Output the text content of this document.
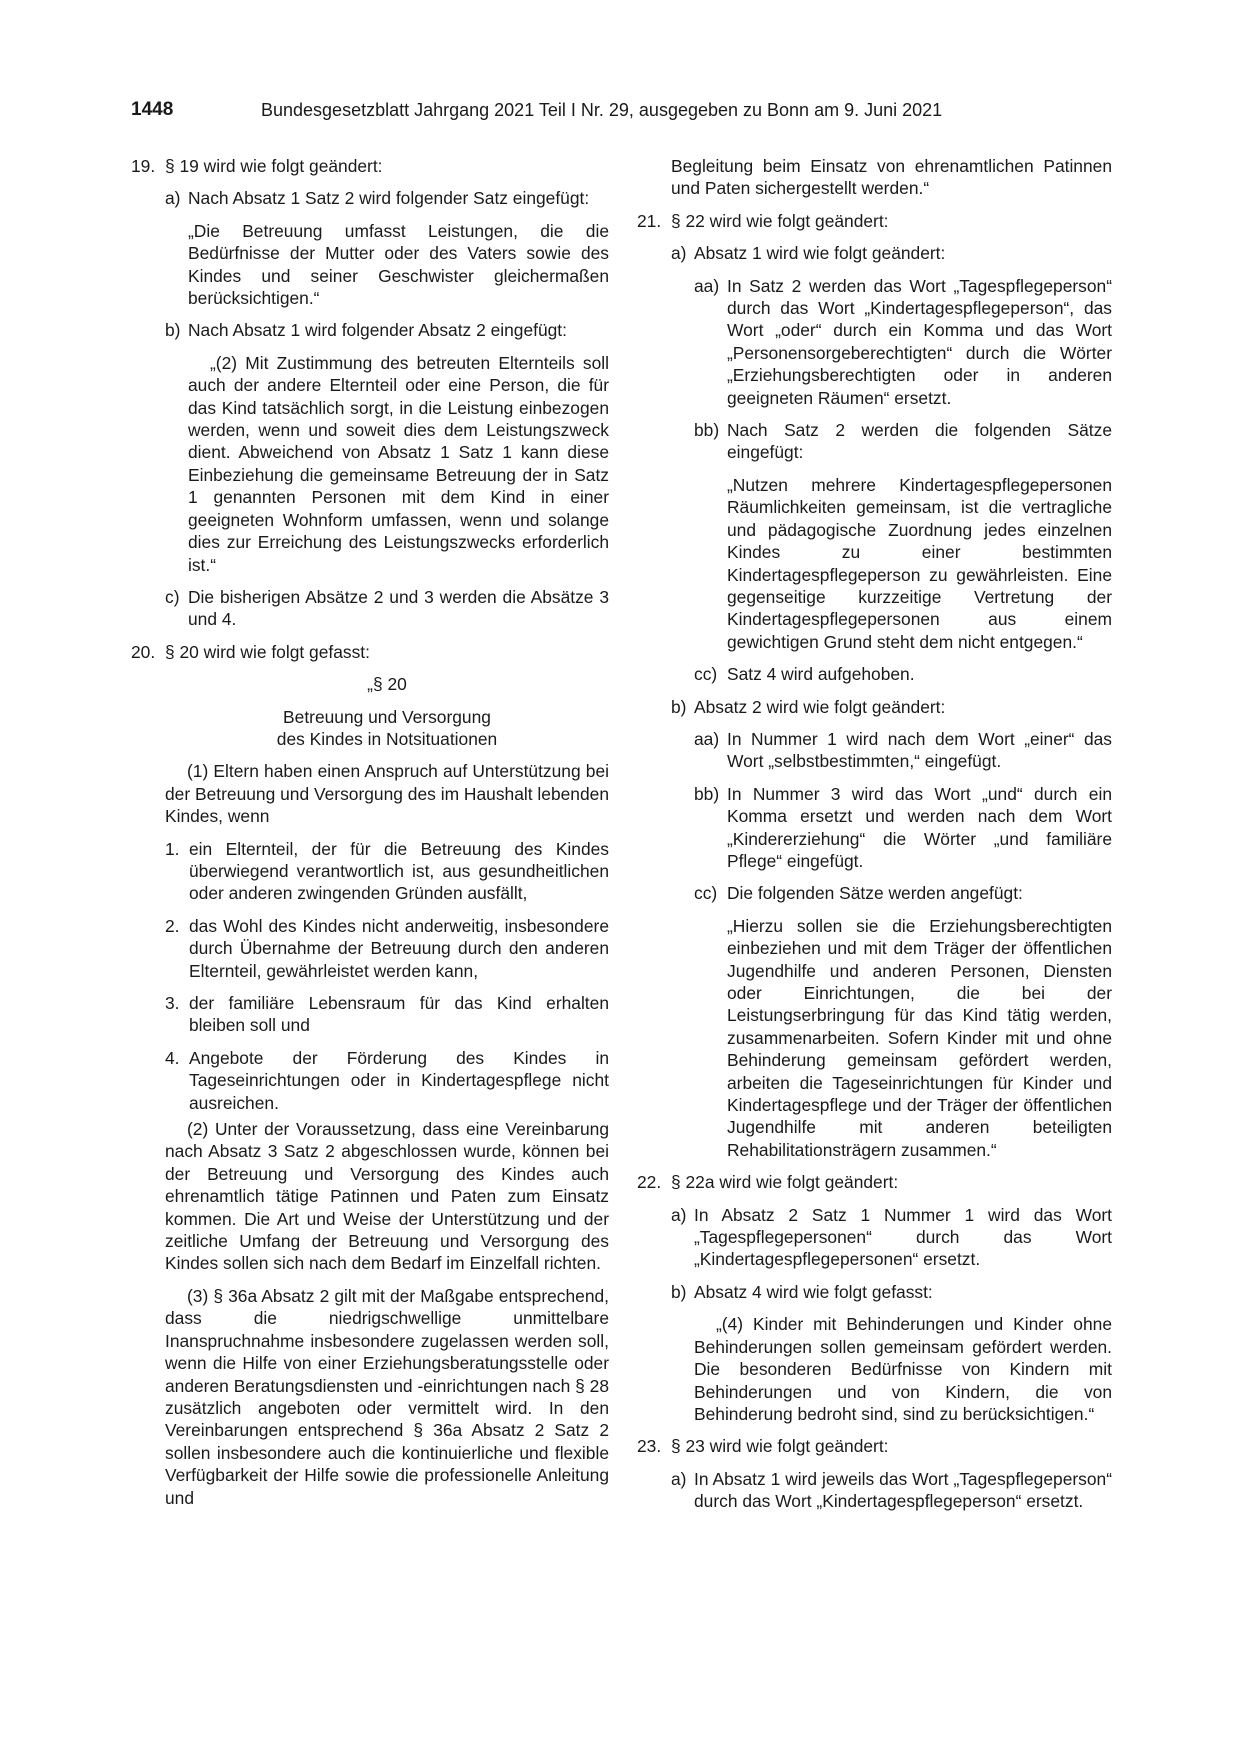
1448	Bundesgesetzblatt Jahrgang 2021 Teil I Nr. 29, ausgegeben zu Bonn am 9. Juni 2021
19. § 19 wird wie folgt geändert:
a) Nach Absatz 1 Satz 2 wird folgender Satz eingefügt:
„Die Betreuung umfasst Leistungen, die die Bedürfnisse der Mutter oder des Vaters sowie des Kindes und seiner Geschwister gleichermaßen berücksichtigen.“
b) Nach Absatz 1 wird folgender Absatz 2 eingefügt:
„(2) Mit Zustimmung des betreuten Elternteils soll auch der andere Elternteil oder eine Person, die für das Kind tatsächlich sorgt, in die Leistung einbezogen werden, wenn und soweit dies dem Leistungszweck dient. Abweichend von Absatz 1 Satz 1 kann diese Einbeziehung die gemeinsame Betreuung der in Satz 1 genannten Personen mit dem Kind in einer geeigneten Wohnform umfassen, wenn und solange dies zur Erreichung des Leistungszwecks erforderlich ist.“
c) Die bisherigen Absätze 2 und 3 werden die Absätze 3 und 4.
20. § 20 wird wie folgt gefasst:
„§ 20
Betreuung und Versorgung
des Kindes in Notsituationen
(1) Eltern haben einen Anspruch auf Unterstützung bei der Betreuung und Versorgung des im Haushalt lebenden Kindes, wenn
1. ein Elternteil, der für die Betreuung des Kindes überwiegend verantwortlich ist, aus gesundheitlichen oder anderen zwingenden Gründen ausfällt,
2. das Wohl des Kindes nicht anderweitig, insbesondere durch Übernahme der Betreuung durch den anderen Elternteil, gewährleistet werden kann,
3. der familiäre Lebensraum für das Kind erhalten bleiben soll und
4. Angebote der Förderung des Kindes in Tageseinrichtungen oder in Kindertagespflege nicht ausreichen.
(2) Unter der Voraussetzung, dass eine Vereinbarung nach Absatz 3 Satz 2 abgeschlossen wurde, können bei der Betreuung und Versorgung des Kindes auch ehrenamtlich tätige Patinnen und Paten zum Einsatz kommen. Die Art und Weise der Unterstützung und der zeitliche Umfang der Betreuung und Versorgung des Kindes sollen sich nach dem Bedarf im Einzelfall richten.
(3) § 36a Absatz 2 gilt mit der Maßgabe entsprechend, dass die niedrigschwellige unmittelbare Inanspruchnahme insbesondere zugelassen werden soll, wenn die Hilfe von einer Erziehungsberatungsstelle oder anderen Beratungsdiensten und -einrichtungen nach § 28 zusätzlich angeboten oder vermittelt wird. In den Vereinbarungen entsprechend § 36a Absatz 2 Satz 2 sollen insbesondere auch die kontinuierliche und flexible Verfügbarkeit der Hilfe sowie die professionelle Anleitung und
Begleitung beim Einsatz von ehrenamtlichen Patinnen und Paten sichergestellt werden.“
21. § 22 wird wie folgt geändert:
a) Absatz 1 wird wie folgt geändert:
aa) In Satz 2 werden das Wort „Tagespflegeperson“ durch das Wort „Kindertagespflegeperson“, das Wort „oder“ durch ein Komma und das Wort „Personensorgeberechtigten“ durch die Wörter „Erziehungsberechtigten oder in anderen geeigneten Räumen“ ersetzt.
bb) Nach Satz 2 werden die folgenden Sätze eingefügt:
„Nutzen mehrere Kindertagespflegepersonen Räumlichkeiten gemeinsam, ist die vertragliche und pädagogische Zuordnung jedes einzelnen Kindes zu einer bestimmten Kindertagespflegeperson zu gewährleisten. Eine gegenseitige kurzzeitige Vertretung der Kindertagespflegepersonen aus einem gewichtigen Grund steht dem nicht entgegen.“
cc) Satz 4 wird aufgehoben.
b) Absatz 2 wird wie folgt geändert:
aa) In Nummer 1 wird nach dem Wort „einer“ das Wort „selbstbestimmten,“ eingefügt.
bb) In Nummer 3 wird das Wort „und“ durch ein Komma ersetzt und werden nach dem Wort „Kindererziehung“ die Wörter „und familiäre Pflege“ eingefügt.
cc) Die folgenden Sätze werden angefügt:
„Hierzu sollen sie die Erziehungsberechtigten einbeziehen und mit dem Träger der öffentlichen Jugendhilfe und anderen Personen, Diensten oder Einrichtungen, die bei der Leistungserbringung für das Kind tätig werden, zusammenarbeiten. Sofern Kinder mit und ohne Behinderung gemeinsam gefördert werden, arbeiten die Tageseinrichtungen für Kinder und Kindertagespflege und der Träger der öffentlichen Jugendhilfe mit anderen beteiligten Rehabilitationsträgern zusammen.“
22. § 22a wird wie folgt geändert:
a) In Absatz 2 Satz 1 Nummer 1 wird das Wort „Tagespflegepersonen“ durch das Wort „Kindertagespflegepersonen“ ersetzt.
b) Absatz 4 wird wie folgt gefasst:
„(4) Kinder mit Behinderungen und Kinder ohne Behinderungen sollen gemeinsam gefördert werden. Die besonderen Bedürfnisse von Kindern mit Behinderungen und von Kindern, die von Behinderung bedroht sind, sind zu berücksichtigen.“
23. § 23 wird wie folgt geändert:
a) In Absatz 1 wird jeweils das Wort „Tagespflegeperson“ durch das Wort „Kindertagespflegeperson“ ersetzt.
